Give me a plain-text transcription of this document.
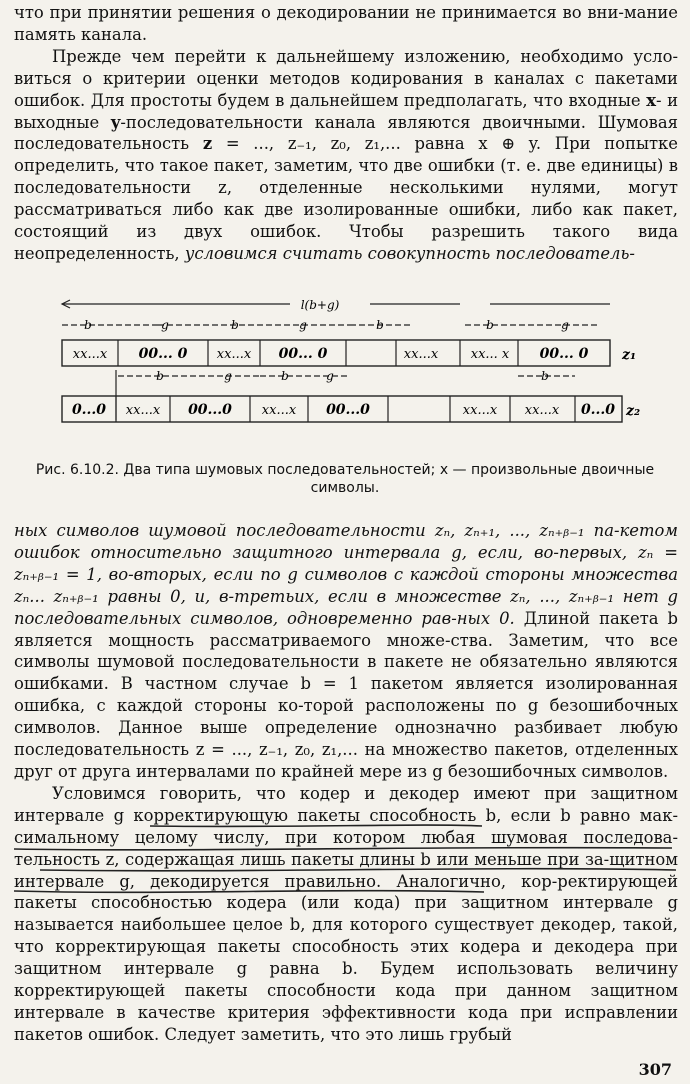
что при принятии решения о декодировании не принимается во вни-мание память канала.

Прежде чем перейти к дальнейшему изложению, необходимо усло-виться о критерии оценки методов кодирования в каналах с пакетами ошибок. Для простоты будем в дальнейшем предполагать, что входные x- и выходные y-последовательности канала являются двоичными. Шумовая последовательность z = ..., z₋₁, z₀, z₁,... равна x ⊕ y. При попытке определить, что такое пакет, заметим, что две ошибки (т. е. две единицы) в последовательности z, отделенные несколькими нулями, могут рассматриваться либо как две изолированные ошибки, либо как пакет, состоящий из двух ошибок. Чтобы разрешить такого вида неопределенность, условимся считать совокупность последователь-

l(b+g)
b	g	b	g	b	b	g
xx...x 00... 0 xx...x 00... 0	xx...x	xx... x 00... 0 z₁
b	g	b	g	b
0...0 xx...x 00...0 xx...x 00...0	xx...x xx...x 0...0 z₂
Рис. 6.10.2. Два типа шумовых последовательностей; x — произвольные двоичные символы.

ных символов шумовой последовательности zₙ, zₙ₊₁, ..., zₙ₊ᵦ₋₁ па-кетом ошибок относительно защитного интервала g, если, во-первых, zₙ = zₙ₊ᵦ₋₁ = 1, во-вторых, если по g символов с каждой стороны множества zₙ... zₙ₊ᵦ₋₁ равны 0, и, в-третьих, если в множестве zₙ, ..., zₙ₊ᵦ₋₁ нет g последовательных символов, одновременно рав-ных 0. Длиной пакета b является мощность рассматриваемого множе-ства. Заметим, что все символы шумовой последовательности в пакете не обязательно являются ошибками. В частном случае b = 1 пакетом является изолированная ошибка, с каждой стороны ко-торой расположены по g безошибочных символов. Данное выше определение однозначно разбивает любую последовательность z = ..., z₋₁, z₀, z₁,... на множество пакетов, отделенных друг от друга интервалами по крайней мере из g безошибочных символов.

Условимся говорить, что кодер и декодер имеют при защитном интервале g корректирующую пакеты способность b, если b равно мак-симальному целому числу, при котором любая шумовая последова-тельность z, содержащая лишь пакеты длины b или меньше при за-щитном интервале g, декодируется правильно. Аналогично, кор-ректирующей пакеты способностью кодера (или кода) при защитном интервале g называется наибольшее целое b, для которого существует декодер, такой, что корректирующая пакеты способность этих кодера и декодера при защитном интервале g равна b. Будем использовать величину корректирующей пакеты способности кода при данном защитном интервале в качестве критерия эффективности кода при исправлении пакетов ошибок. Следует заметить, что это лишь грубый

307
